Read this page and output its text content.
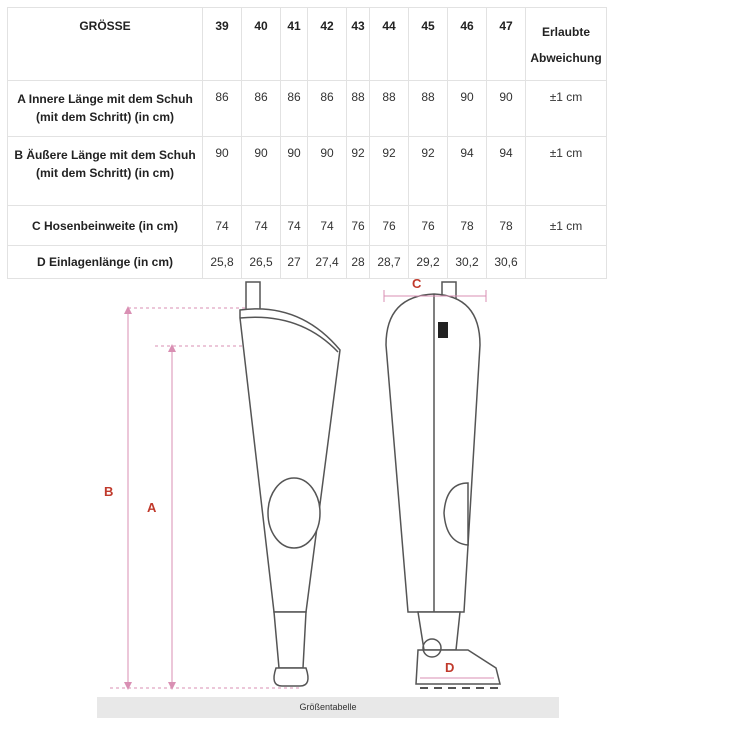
GRÖSSE	39	40	41	42	43	44	45	46	47	Erlaubte
Abweichung

A Innere Länge mit dem Schuh (mit dem Schritt) (in cm)	86	86	86	86	88	88	88	90	90	±1 cm
B Äußere Länge mit dem Schuh (mit dem Schritt) (in cm)	90	90	90	90	92	92	92	94	94	±1 cm
C Hosenbeinweite (in cm)	74	74	74	74	76	76	76	78	78	±1 cm
D Einlagenlänge (in cm)	25,8	26,5	27	27,4	28	28,7	29,2	30,2	30,6	
B
A
C
D
Größentabelle
